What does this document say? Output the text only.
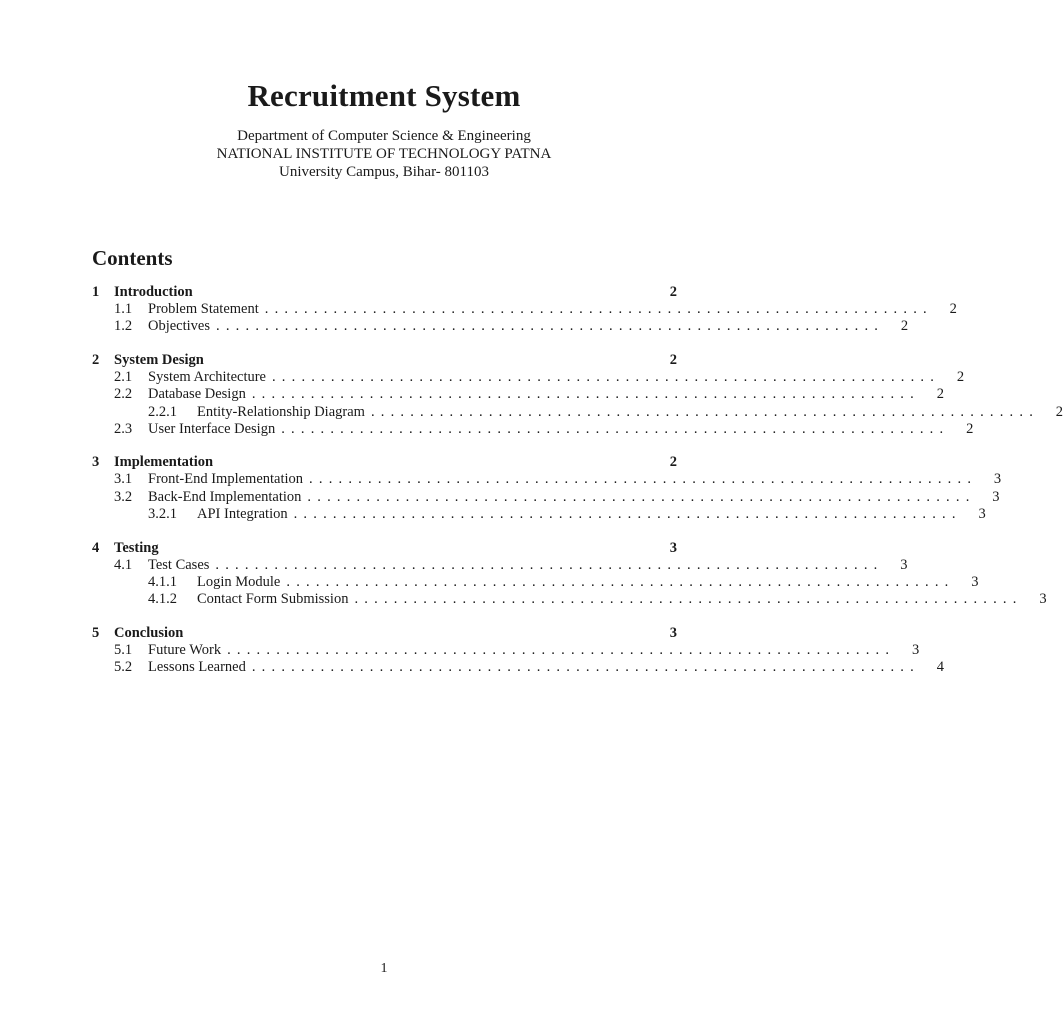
Recruitment System
Department of Computer Science & Engineering
NATIONAL INSTITUTE OF TECHNOLOGY PATNA
University Campus, Bihar- 801103
Contents
1	Introduction	2
1.1	Problem Statement ....................................................................	2
1.2	Objectives ....................................................................	2
2	System Design	2
2.1	System Architecture ....................................................................	2
2.2	Database Design ....................................................................	2
2.2.1	Entity-Relationship Diagram ....................................................................	2
2.3	User Interface Design ....................................................................	2
3	Implementation	2
3.1	Front-End Implementation ....................................................................	3
3.2	Back-End Implementation ....................................................................	3
3.2.1	API Integration ....................................................................	3
4	Testing	3
4.1	Test Cases ....................................................................	3
4.1.1	Login Module ....................................................................	3
4.1.2	Contact Form Submission ....................................................................	3
5	Conclusion	3
5.1	Future Work ....................................................................	3
5.2	Lessons Learned ....................................................................	4
1
